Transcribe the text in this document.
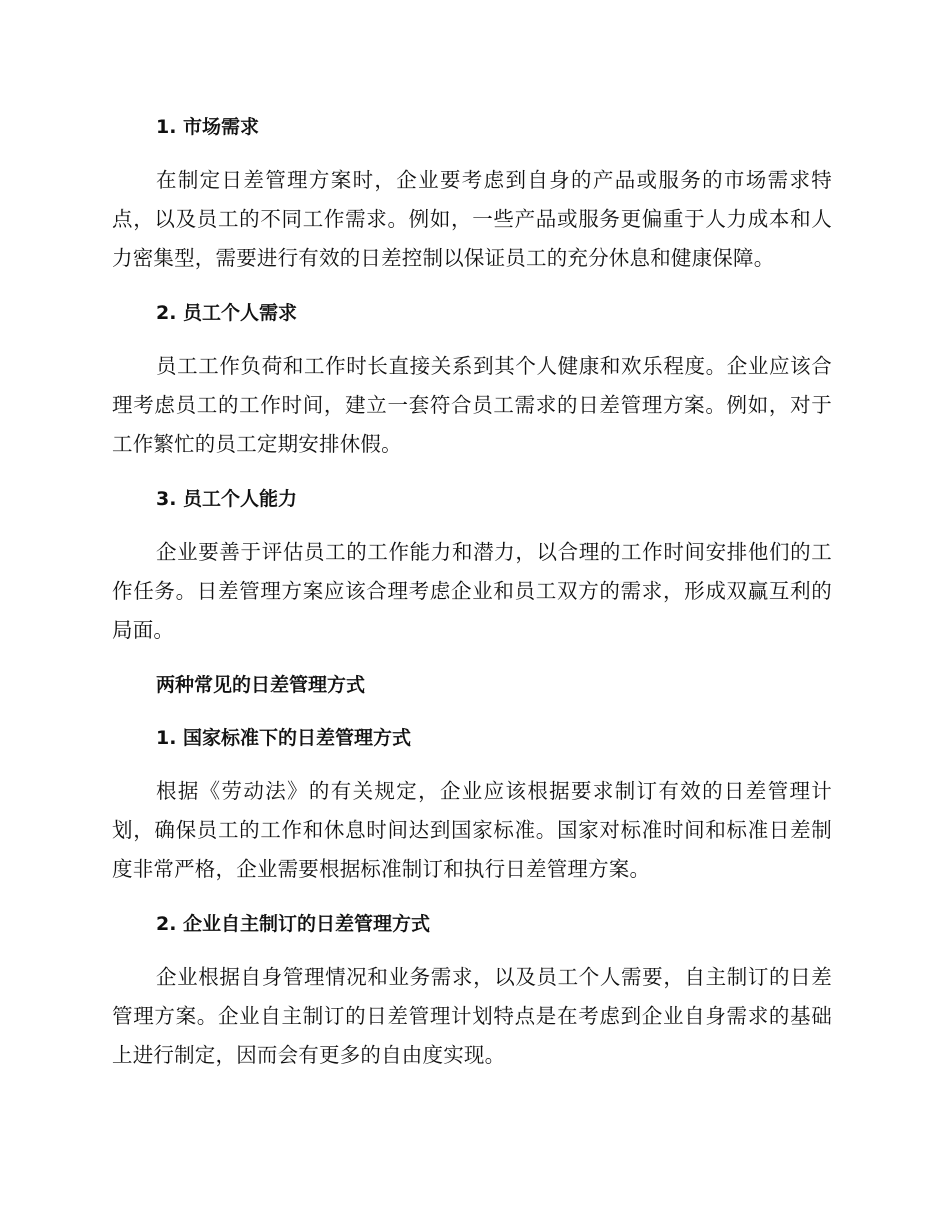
1. 市场需求
在制定日差管理方案时，企业要考虑到自身的产品或服务的市场需求特点，以及员工的不同工作需求。例如，一些产品或服务更偏重于人力成本和人力密集型，需要进行有效的日差控制以保证员工的充分休息和健康保障。
2. 员工个人需求
员工工作负荷和工作时长直接关系到其个人健康和欢乐程度。企业应该合理考虑员工的工作时间，建立一套符合员工需求的日差管理方案。例如，对于工作繁忙的员工定期安排休假。
3. 员工个人能力
企业要善于评估员工的工作能力和潜力，以合理的工作时间安排他们的工作任务。日差管理方案应该合理考虑企业和员工双方的需求，形成双赢互利的局面。
两种常见的日差管理方式
1. 国家标准下的日差管理方式
根据《劳动法》的有关规定，企业应该根据要求制订有效的日差管理计划，确保员工的工作和休息时间达到国家标准。国家对标准时间和标准日差制度非常严格，企业需要根据标准制订和执行日差管理方案。
2. 企业自主制订的日差管理方式
企业根据自身管理情况和业务需求，以及员工个人需要，自主制订的日差管理方案。企业自主制订的日差管理计划特点是在考虑到企业自身需求的基础上进行制定，因而会有更多的自由度实现。
